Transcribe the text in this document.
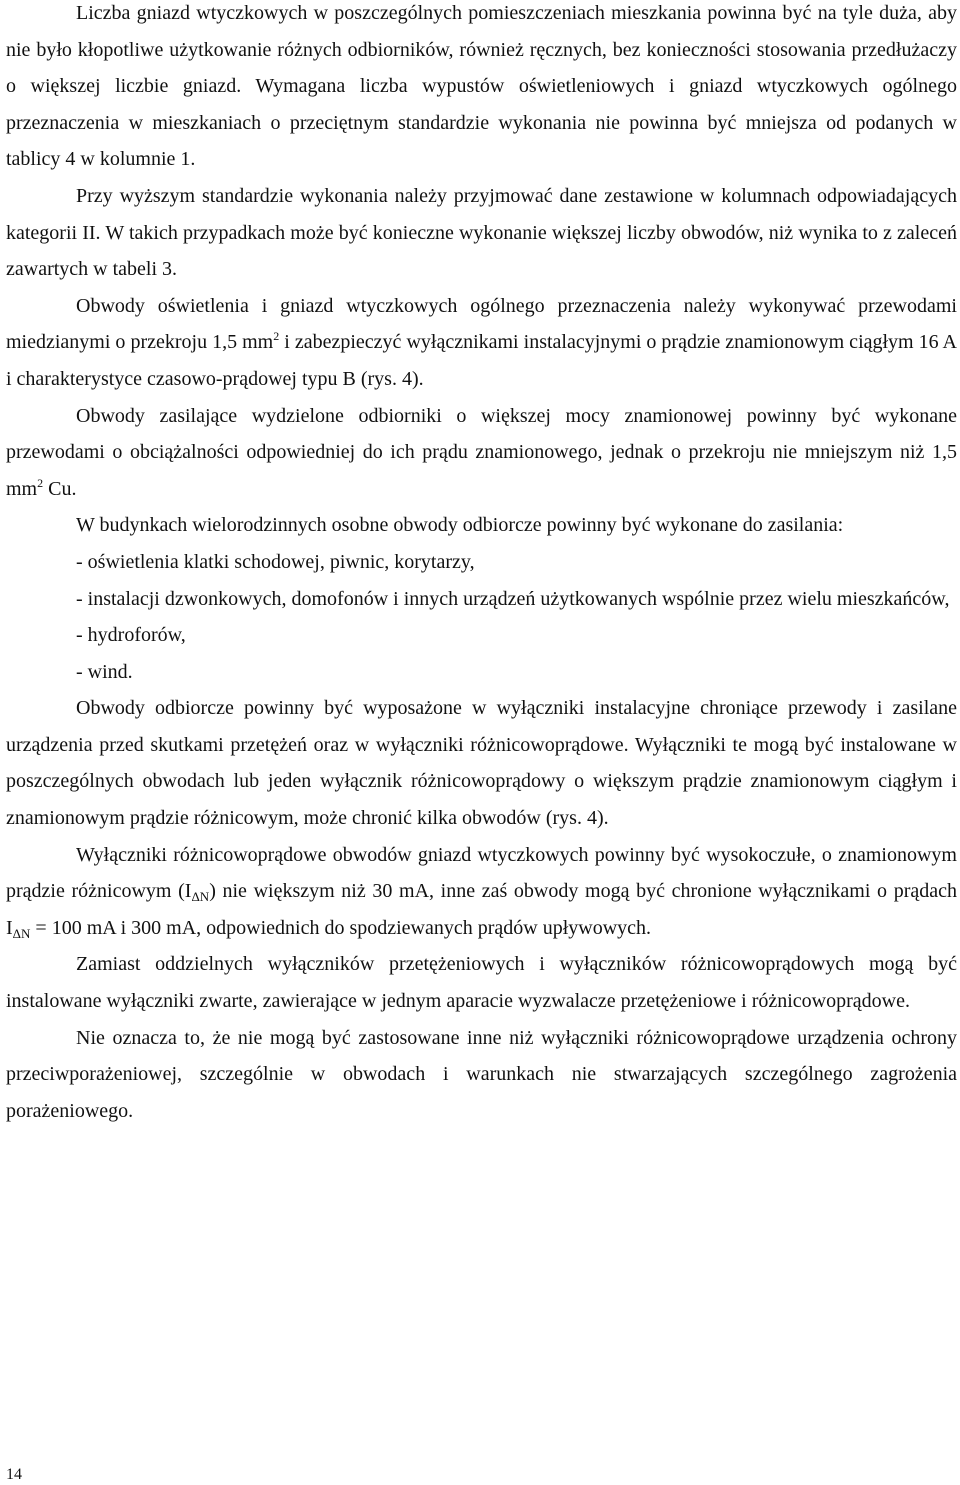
Liczba gniazd wtyczkowych w poszczególnych pomieszczeniach mieszkania powinna być na tyle duża, aby nie było kłopotliwe użytkowanie różnych odbiorników, również ręcznych, bez konieczności stosowania przedłużaczy o większej liczbie gniazd. Wymagana liczba wypustów oświetleniowych i gniazd wtyczkowych ogólnego przeznaczenia w mieszkaniach o przeciętnym standardzie wykonania nie powinna być mniejsza od podanych w tablicy 4 w kolumnie 1.

Przy wyższym standardzie wykonania należy przyjmować dane zestawione w kolumnach odpowiadających kategorii II. W takich przypadkach może być konieczne wykonanie większej liczby obwodów, niż wynika to z zaleceń zawartych w tabeli 3.

Obwody oświetlenia i gniazd wtyczkowych ogólnego przeznaczenia należy wykonywać przewodami miedzianymi o przekroju 1,5 $mm^2$ i zabezpieczyć wyłącznikami instalacyjnymi o prądzie znamionowym ciągłym 16 A i charakterystyce czasowo-prądowej typu B (rys. 4).

Obwody zasilające wydzielone odbiorniki o większej mocy znamionowej powinny być wykonane przewodami o obciążalności odpowiedniej do ich prądu znamionowego, jednak o przekroju nie mniejszym niż 1,5 $mm^2$ Cu.

W budynkach wielorodzinnych osobne obwody odbiorcze powinny być wykonane do zasilania:

- oświetlenia klatki schodowej, piwnic, korytarzy,

- instalacji dzwonkowych, domofonów i innych urządzeń użytkowanych wspólnie przez wielu mieszkańców,

- hydroforów,

- wind.

Obwody odbiorcze powinny być wyposażone w wyłączniki instalacyjne chroniące przewody i zasilane urządzenia przed skutkami przetężeń oraz w wyłączniki różnicowoprądowe. Wyłączniki te mogą być instalowane w poszczególnych obwodach lub jeden wyłącznik różnicowoprądowy o większym prądzie znamionowym ciągłym i znamionowym prądzie różnicowym, może chronić kilka obwodów (rys. 4).

Wyłączniki różnicowoprądowe obwodów gniazd wtyczkowych powinny być wysokoczułe, o znamionowym prądzie różnicowym $(I_{\Delta N})$ nie większym niż 30 mA, inne zaś obwody mogą być chronione wyłącznikami o prądach $I_{\Delta N} = 100$ mA i 300 mA, odpowiednich do spodziewanych prądów upływowych.

Zamiast oddzielnych wyłączników przetężeniowych i wyłączników różnicowoprądowych mogą być instalowane wyłączniki zwarte, zawierające w jednym aparacie wyzwalacze przetężeniowe i różnicowoprądowe.

Nie oznacza to, że nie mogą być zastosowane inne niż wyłączniki różnicowoprądowe urządzenia ochrony przeciwporażeniowej, szczególnie w obwodach i warunkach nie stwarzających szczególnego zagrożenia porażeniowego.

14
